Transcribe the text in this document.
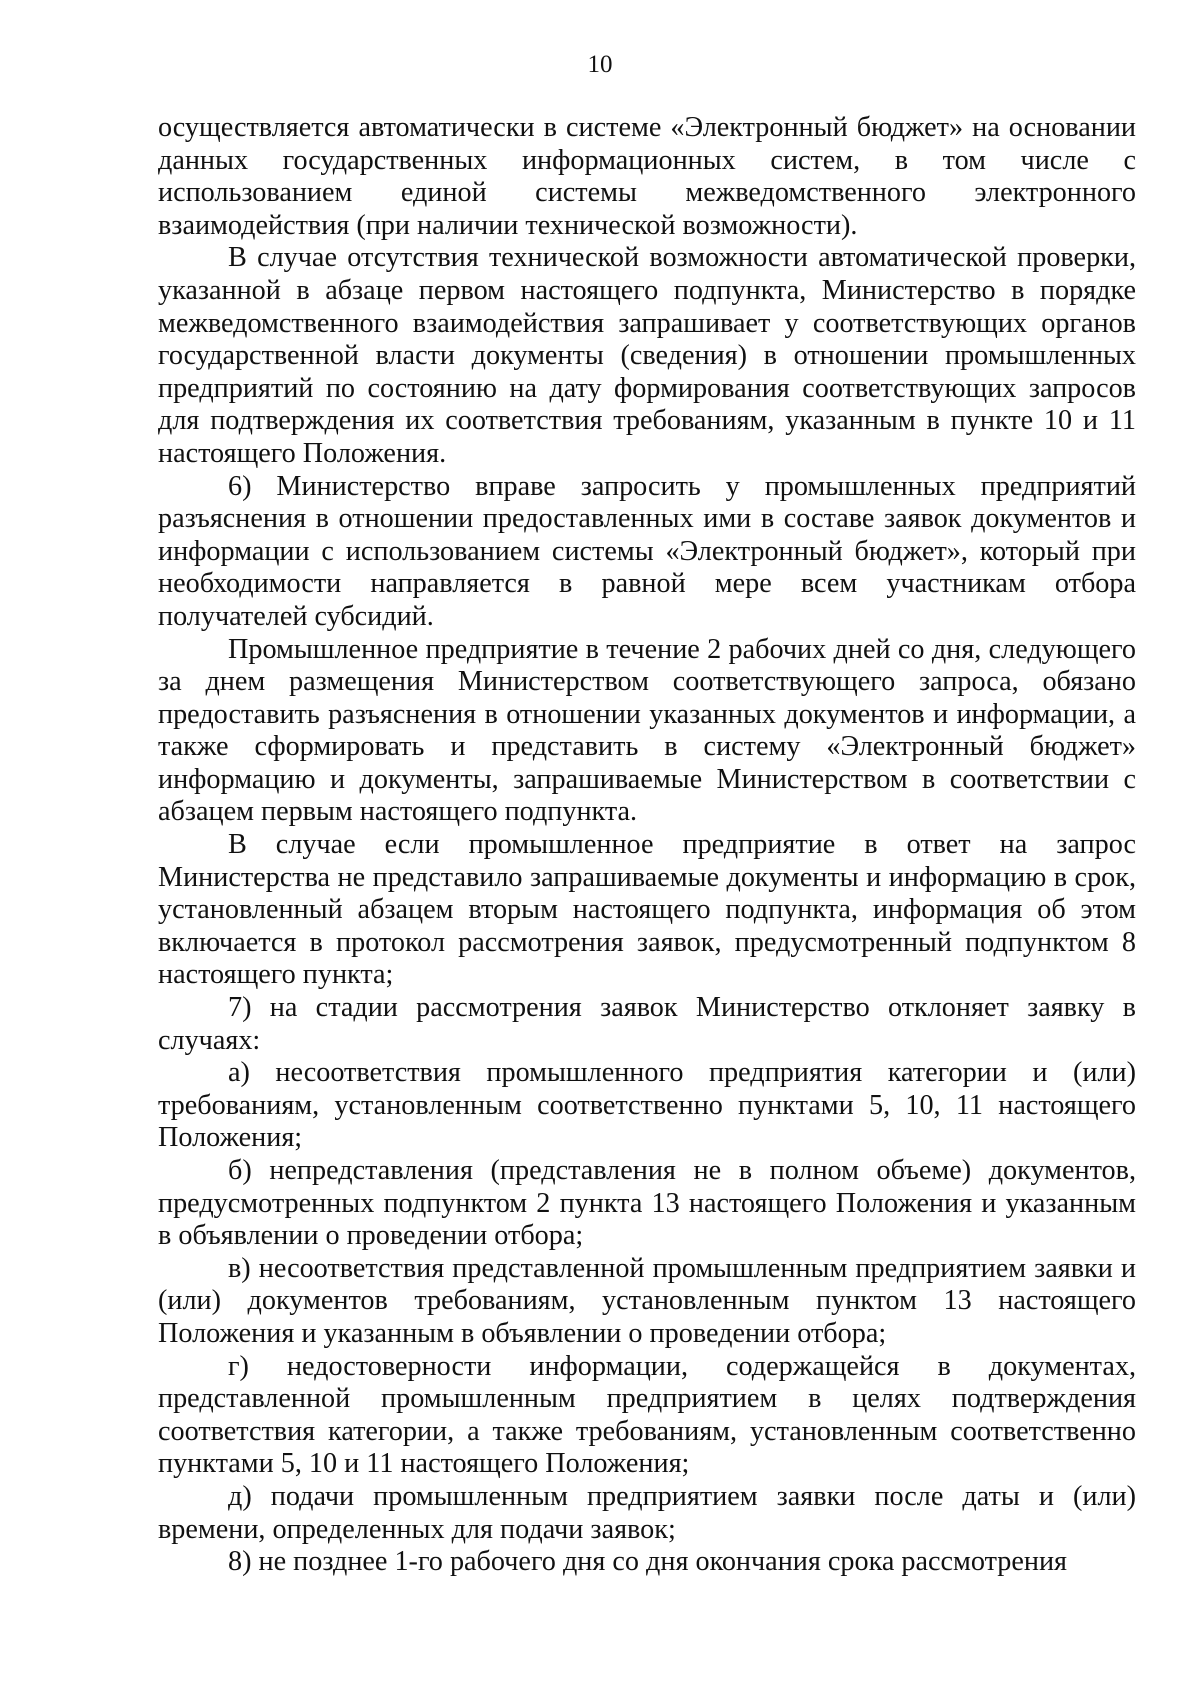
10

осуществляется автоматически в системе «Электронный бюджет» на основании данных государственных информационных систем, в том числе с использованием единой системы межведомственного электронного взаимодействия (при наличии технической возможности).

В случае отсутствия технической возможности автоматической проверки, указанной в абзаце первом настоящего подпункта, Министерство в порядке межведомственного взаимодействия запрашивает у соответствующих органов государственной власти документы (сведения) в отношении промышленных предприятий по состоянию на дату формирования соответствующих запросов для подтверждения их соответствия требованиям, указанным в пункте 10 и 11 настоящего Положения.

6) Министерство вправе запросить у промышленных предприятий разъяснения в отношении предоставленных ими в составе заявок документов и информации с использованием системы «Электронный бюджет», который при необходимости направляется в равной мере всем участникам отбора получателей субсидий.

Промышленное предприятие в течение 2 рабочих дней со дня, следующего за днем размещения Министерством соответствующего запроса, обязано предоставить разъяснения в отношении указанных документов и информации, а также сформировать и представить в систему «Электронный бюджет» информацию и документы, запрашиваемые Министерством в соответствии с абзацем первым настоящего подпункта.

В случае если промышленное предприятие в ответ на запрос Министерства не представило запрашиваемые документы и информацию в срок, установленный абзацем вторым настоящего подпункта, информация об этом включается в протокол рассмотрения заявок, предусмотренный подпунктом 8 настоящего пункта;

7) на стадии рассмотрения заявок Министерство отклоняет заявку в случаях:

а) несоответствия промышленного предприятия категории и (или) требованиям, установленным соответственно пунктами 5, 10, 11 настоящего Положения;

б) непредставления (представления не в полном объеме) документов, предусмотренных подпунктом 2 пункта 13 настоящего Положения и указанным в объявлении о проведении отбора;

в) несоответствия представленной промышленным предприятием заявки и (или) документов требованиям, установленным пунктом 13 настоящего Положения и указанным в объявлении о проведении отбора;

г) недостоверности информации, содержащейся в документах, представленной промышленным предприятием в целях подтверждения соответствия категории, а также требованиям, установленным соответственно пунктами 5, 10 и 11 настоящего Положения;

д) подачи промышленным предприятием заявки после даты и (или) времени, определенных для подачи заявок;

8) не позднее 1-го рабочего дня со дня окончания срока рассмотрения
